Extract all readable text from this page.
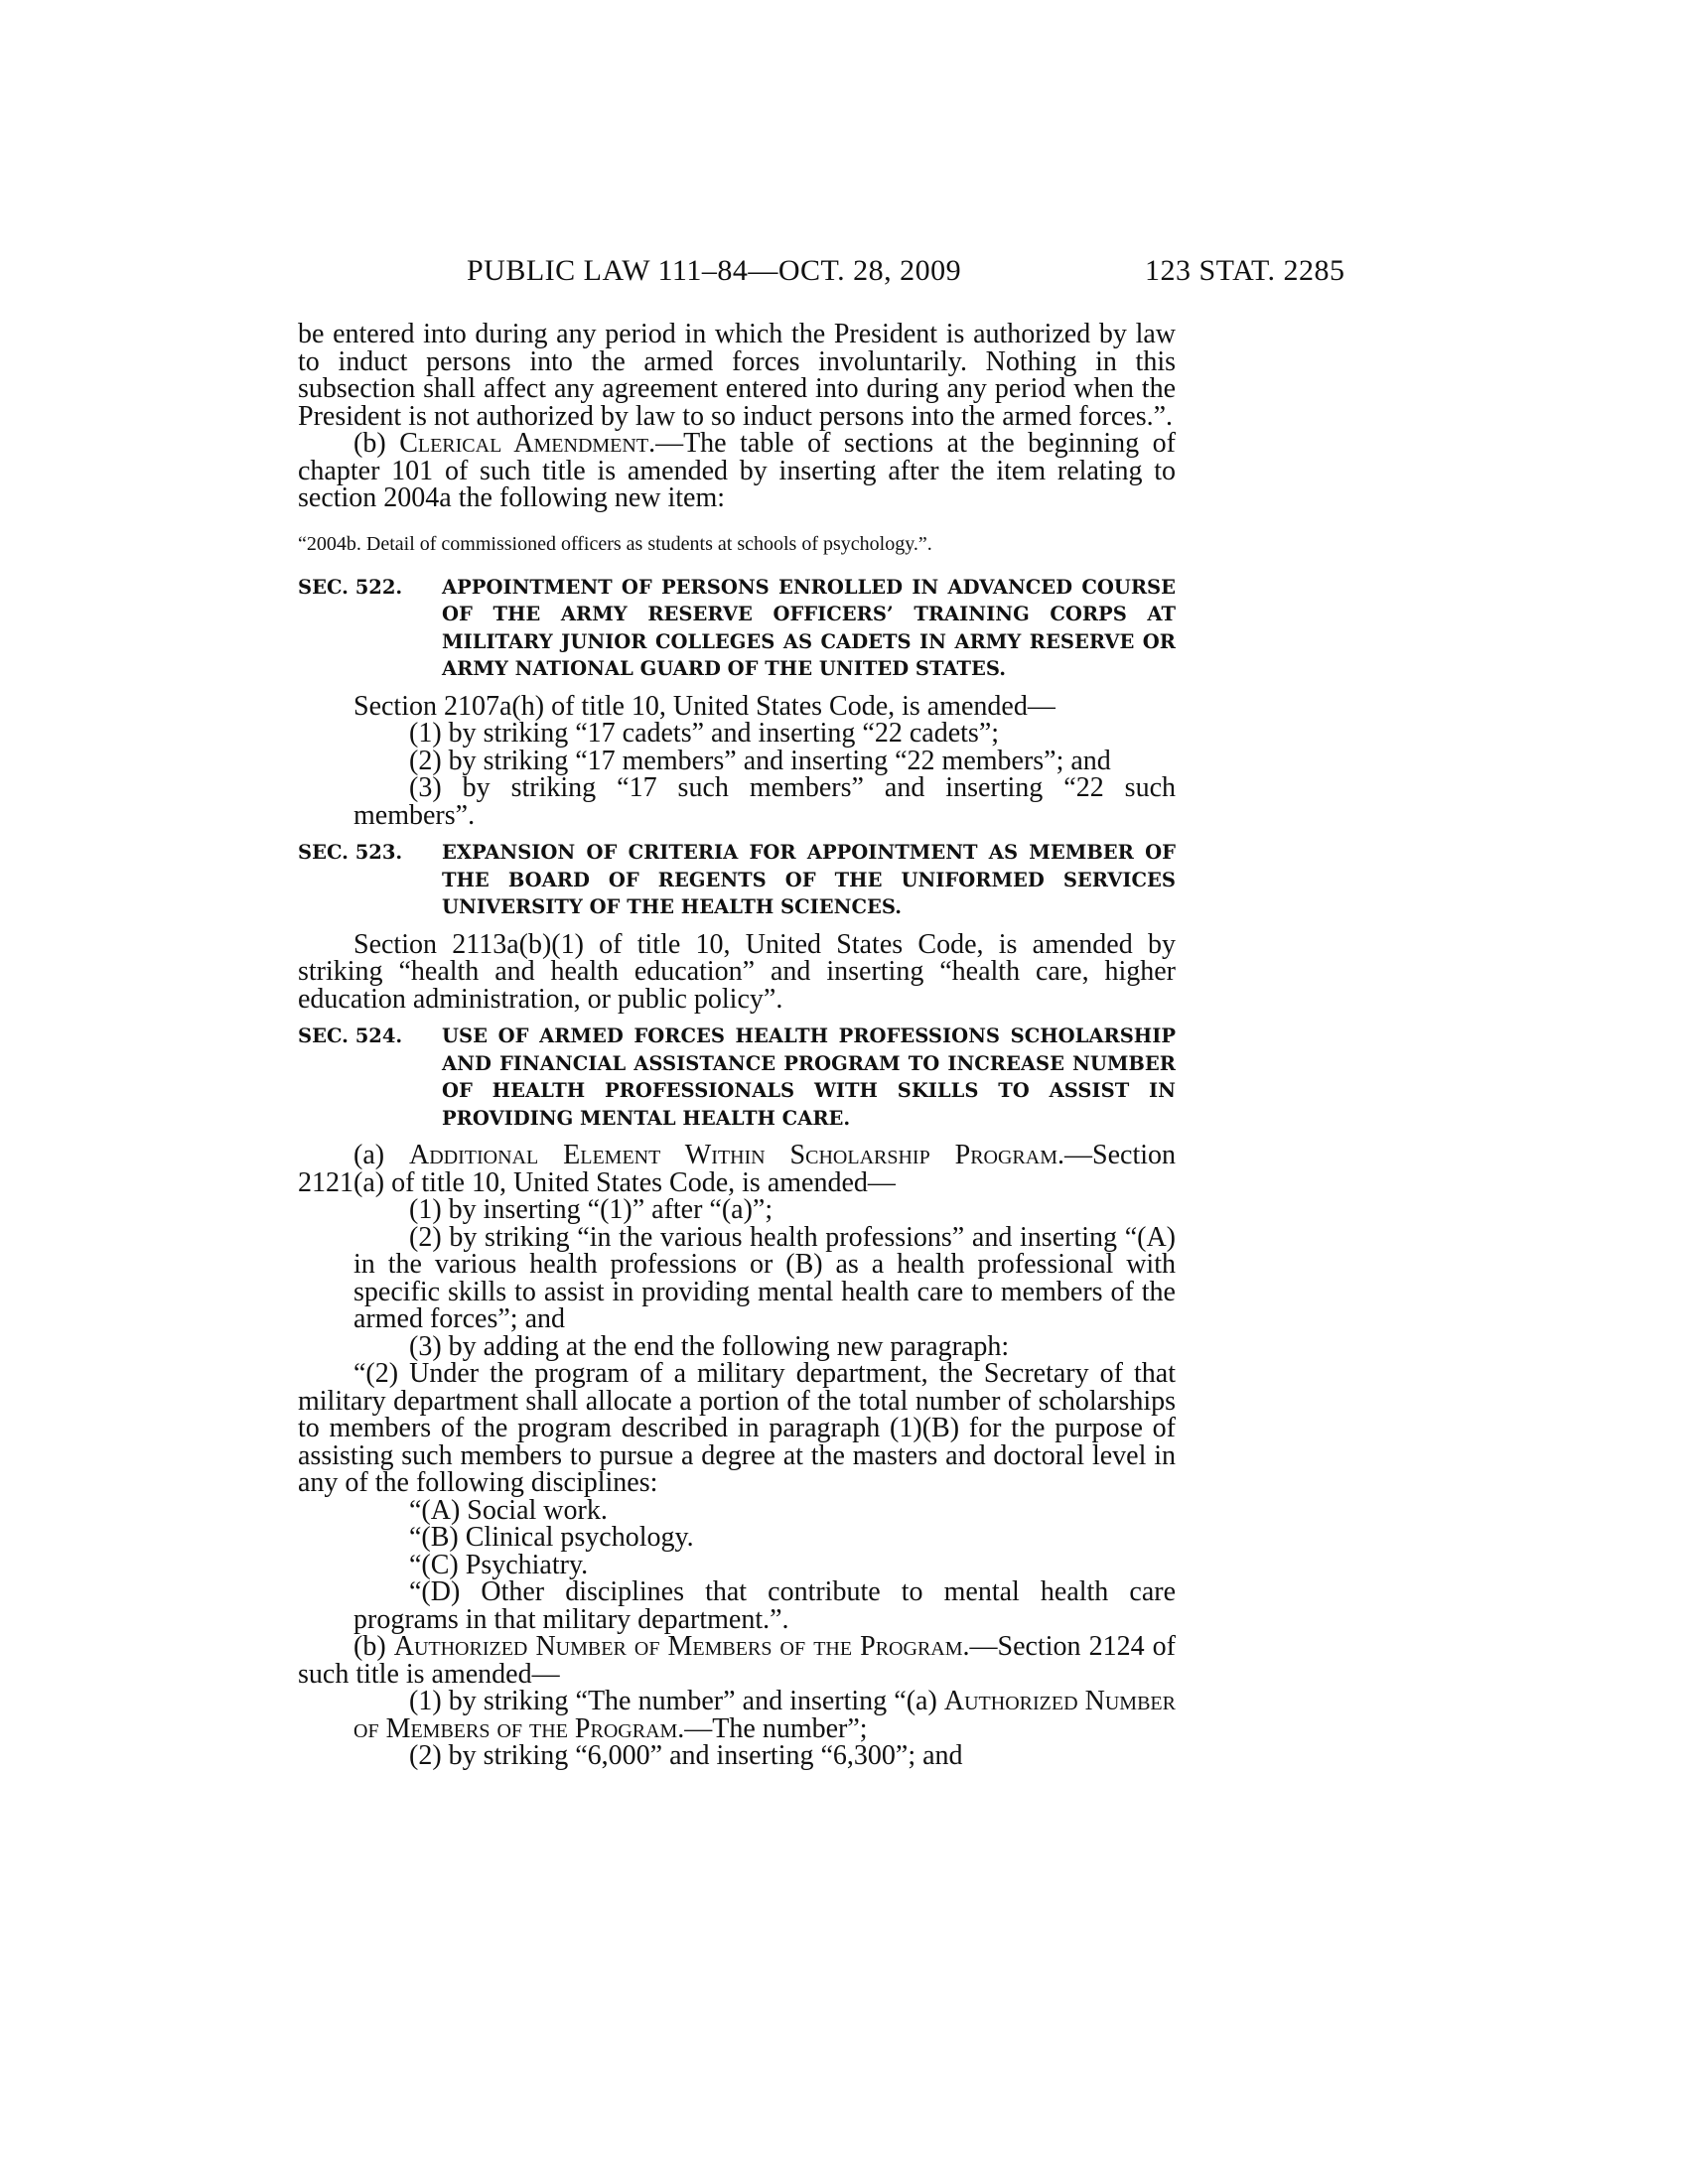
PUBLIC LAW 111–84—OCT. 28, 2009	123 STAT. 2285

be entered into during any period in which the President is authorized by law to induct persons into the armed forces involuntarily. Nothing in this subsection shall affect any agreement entered into during any period when the President is not authorized by law to so induct persons into the armed forces.”.

(b) Clerical Amendment.—The table of sections at the beginning of chapter 101 of such title is amended by inserting after the item relating to section 2004a the following new item:

“2004b. Detail of commissioned officers as students at schools of psychology.”.

SEC. 522.	APPOINTMENT OF PERSONS ENROLLED IN ADVANCED COURSE OF THE ARMY RESERVE OFFICERS’ TRAINING CORPS AT MILITARY JUNIOR COLLEGES AS CADETS IN ARMY RESERVE OR ARMY NATIONAL GUARD OF THE UNITED STATES.

Section 2107a(h) of title 10, United States Code, is amended—

(1) by striking “17 cadets” and inserting “22 cadets”;

(2) by striking “17 members” and inserting “22 members”; and

(3) by striking “17 such members” and inserting “22 such members”.

SEC. 523.	EXPANSION OF CRITERIA FOR APPOINTMENT AS MEMBER OF THE BOARD OF REGENTS OF THE UNIFORMED SERVICES UNIVERSITY OF THE HEALTH SCIENCES.

Section 2113a(b)(1) of title 10, United States Code, is amended by striking “health and health education” and inserting “health care, higher education administration, or public policy”.

SEC. 524.	USE OF ARMED FORCES HEALTH PROFESSIONS SCHOLARSHIP AND FINANCIAL ASSISTANCE PROGRAM TO INCREASE NUMBER OF HEALTH PROFESSIONALS WITH SKILLS TO ASSIST IN PROVIDING MENTAL HEALTH CARE.

(a) Additional Element Within Scholarship Program.—Section 2121(a) of title 10, United States Code, is amended—

(1) by inserting “(1)” after “(a)”;

(2) by striking “in the various health professions” and inserting “(A) in the various health professions or (B) as a health professional with specific skills to assist in providing mental health care to members of the armed forces”; and

(3) by adding at the end the following new paragraph:

“(2) Under the program of a military department, the Secretary of that military department shall allocate a portion of the total number of scholarships to members of the program described in paragraph (1)(B) for the purpose of assisting such members to pursue a degree at the masters and doctoral level in any of the following disciplines:

“(A) Social work.

“(B) Clinical psychology.

“(C) Psychiatry.

“(D) Other disciplines that contribute to mental health care programs in that military department.”.

(b) Authorized Number of Members of the Program.—Section 2124 of such title is amended—

(1) by striking “The number” and inserting “(a) Authorized Number of Members of the Program.—The number”;

(2) by striking “6,000” and inserting “6,300”; and
